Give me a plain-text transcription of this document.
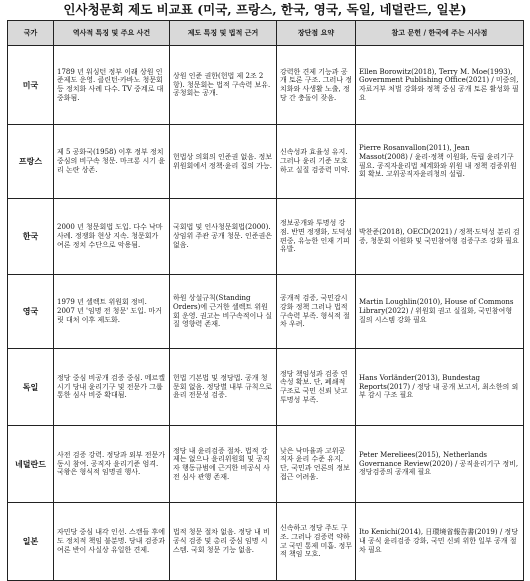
인사청문회 제도 비교표 (미국, 프랑스, 한국, 영국, 독일, 네덜란드, 일본)
국가	역사적 특징 및 주요 사건	제도 특징 및 법적 근거	장단점 요약	참고 문헌 / 한국에 주는 시사점
미국	1789 년 워싱턴 정부 이래 상원 인준제도 운영. 클린턴·카바노 청문회 등 정치화 사례 다수. TV 중계로 대중화됨.	상원 인준 권한(헌법 제 2조 2 항). 청문회는 법적 구속력 보유. 공청회는 공개.	강력한 견제 기능과 공개 토론 구조. 그러나 정치화와 사생활 노출, 정당 간 충돌이 잦음.	Ellen Borowitz(2018), Terry M. Moe(1993), Government Publishing Office(2021) / 미중의, 자료거부 처벌 강화와 정책 중심 공개 토론 활성화 필요
프랑스	제 5 공화국(1958) 이후 정부 정치 중심의 비구속 청문. 마크롱 시기 윤리 논란 상존.	헌법상 의회의 인준권 없음. 정보위원회에서 정책·윤리 집의 가능.	신속성과 효율성 유지. 그러나 윤리 기준 모호하고 실질 검증력 미약.	Pierre Rosanvallon(2011), Jean Massot(2008) / 윤리·정책 이원화, 독립 윤리기구 필요. 공직자윤리법 체계화와 위원 내 정책 검증위원회 확보. 고위공직자윤리청의 설립.
한국	2000 년 청문회법 도입. 다수 낙마 사례. 정쟁화 현상 지속. 청문회가 여론 정치 수단으로 악용됨.	국회법 및 인사청문회법(2000). 상임위 주관 공개 청문. 인준권은 없음.	정보공개와 투명성 강점. 반면 정쟁화, 도덕성 편중, 유능한 인재 기피 유발.	박찬준(2018), OECD(2021) / 정책·도덕성 분리 검증, 청문회 이원화 및 국민참여형 검증구조 강화 필요
영국	1979 년 셀렉트 위원회 정비. 2007 년 '임명 전 청문' 도입. 마거릿 대처 이후 제도화.	하원 상설규칙(Standing Orders)에 근거한 셀렉트 위원회 운영. 권고는 비구속적이나 실질 영향력 존재.	공개적 검증, 국민감시 강화 정책 그러나 법적 구속력 부족. 형식적 절차 우려.	Martin Loughlin(2010), House of Commons Library(2022) / 위원회 권고 실질화, 국민참여형 질의 시스템 강화 필요
독일	정당 중심 비공개 검증 중심. 메르켈 시기 당내 윤리기구 및 전문가 그룹 통한 심사 비중 확대됨.	헌법 기본법 및 정당법. 공개 청문회 없음. 정당별 내부 규칙으로 윤리 전문성 검증.	정당 책임성과 검증 연속성 확보. 단, 폐쇄적 구조로 국민 신뢰 낮고 투명성 부족.	Hans Vorländer(2013), Bundestag Reports(2017) / 정당 내 공개 보고서, 최소한의 외부 감시 구조 필요
네덜란드	사전 검증 강력. 정당과 외부 전문가 동시 참여. 공직자 윤리기준 엄격. 국왕은 형식적 임명권 행사.	정당 내 윤리검증 절차. 법적 강제는 없으나 윤리위원회 및 공직자 행동규범에 근거한 비공식 사전 심사 관행 존재.	낮은 낙마율과 고위공직자 윤리 수준 유지. 단, 국민과 언론의 정보 접근 어려움.	Peter Mereliees(2015), Netherlands Governance Review(2020) / 공직윤리기구 정비, 정당검증의 공개제 필요
일본	자민당 중심 내각 인선. 스캔들 후에도 정치적 책임 불분명. 당내 검증과 여론 반이 사실상 유일한 견제.	법적 청문 절차 없음. 정당 내 비공식 검증 및 총리 중심 임명 시스템. 국회 청문 기능 없음.	신속하고 정당 주도 구조. 그러나 검증력 약하고 국민 통제 미흡. 정무적 책임 모호.	Ito Kenichi(2014), 日環境省報告書(2019) / 정당 내 공식 윤리검증 강화, 국민 신뢰 위한 일부 공개 절차 필요
